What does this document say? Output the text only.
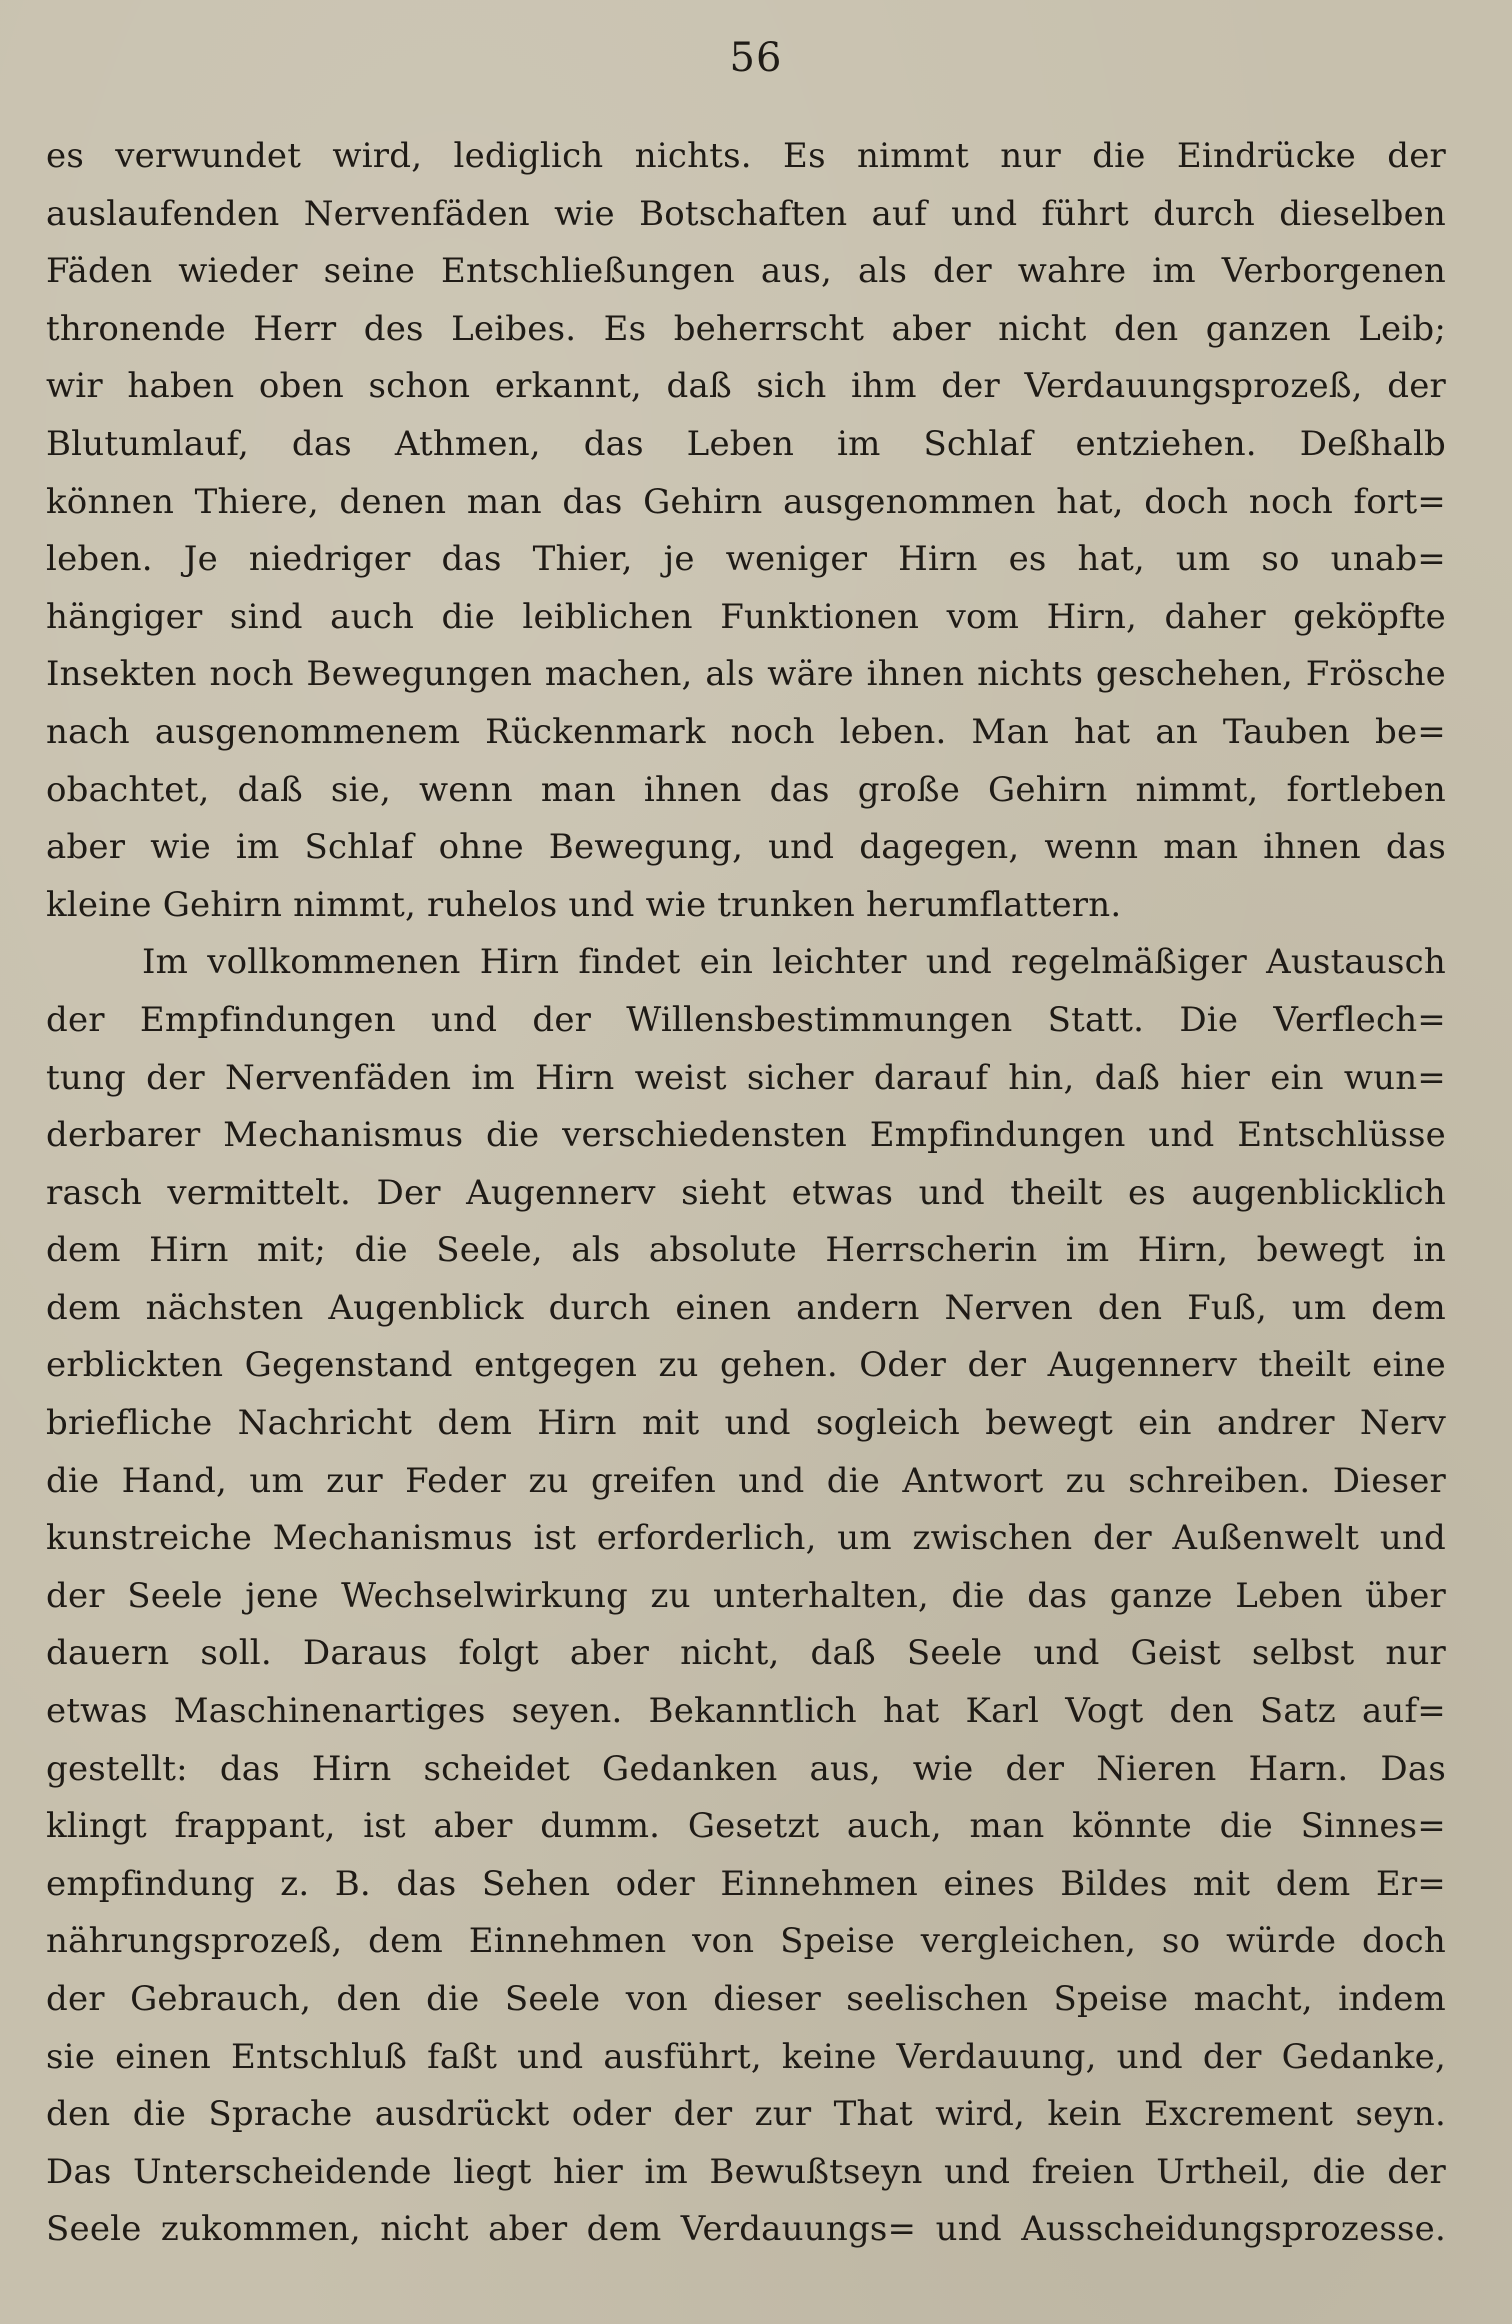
56
es verwundet wird, lediglich nichts. Es nimmt nur die Eindrücke der
auslaufenden Nervenfäden wie Botschaften auf und führt durch dieselben
Fäden wieder seine Entschließungen aus, als der wahre im Verborgenen
thronende Herr des Leibes. Es beherrscht aber nicht den ganzen Leib;
wir haben oben schon erkannt, daß sich ihm der Verdauungsprozeß, der
Blutumlauf, das Athmen, das Leben im Schlaf entziehen. Deßhalb
können Thiere, denen man das Gehirn ausgenommen hat, doch noch fort=
leben. Je niedriger das Thier, je weniger Hirn es hat, um so unab=
hängiger sind auch die leiblichen Funktionen vom Hirn, daher geköpfte
Insekten noch Bewegungen machen, als wäre ihnen nichts geschehen, Frösche
nach ausgenommenem Rückenmark noch leben. Man hat an Tauben be=
obachtet, daß sie, wenn man ihnen das große Gehirn nimmt, fortleben
aber wie im Schlaf ohne Bewegung, und dagegen, wenn man ihnen das
kleine Gehirn nimmt, ruhelos und wie trunken herumflattern.
Im vollkommenen Hirn findet ein leichter und regelmäßiger Austausch
der Empfindungen und der Willensbestimmungen Statt. Die Verflech=
tung der Nervenfäden im Hirn weist sicher darauf hin, daß hier ein wun=
derbarer Mechanismus die verschiedensten Empfindungen und Entschlüsse
rasch vermittelt. Der Augennerv sieht etwas und theilt es augenblicklich
dem Hirn mit; die Seele, als absolute Herrscherin im Hirn, bewegt in
dem nächsten Augenblick durch einen andern Nerven den Fuß, um dem
erblickten Gegenstand entgegen zu gehen. Oder der Augennerv theilt eine
briefliche Nachricht dem Hirn mit und sogleich bewegt ein andrer Nerv
die Hand, um zur Feder zu greifen und die Antwort zu schreiben. Dieser
kunstreiche Mechanismus ist erforderlich, um zwischen der Außenwelt und
der Seele jene Wechselwirkung zu unterhalten, die das ganze Leben über
dauern soll. Daraus folgt aber nicht, daß Seele und Geist selbst nur
etwas Maschinenartiges seyen. Bekanntlich hat Karl Vogt den Satz auf=
gestellt: das Hirn scheidet Gedanken aus, wie der Nieren Harn. Das
klingt frappant, ist aber dumm. Gesetzt auch, man könnte die Sinnes=
empfindung z. B. das Sehen oder Einnehmen eines Bildes mit dem Er=
nährungsprozeß, dem Einnehmen von Speise vergleichen, so würde doch
der Gebrauch, den die Seele von dieser seelischen Speise macht, indem
sie einen Entschluß faßt und ausführt, keine Verdauung, und der Gedanke,
den die Sprache ausdrückt oder der zur That wird, kein Excrement seyn.
Das Unterscheidende liegt hier im Bewußtseyn und freien Urtheil, die der
Seele zukommen, nicht aber dem Verdauungs= und Ausscheidungsprozesse.
